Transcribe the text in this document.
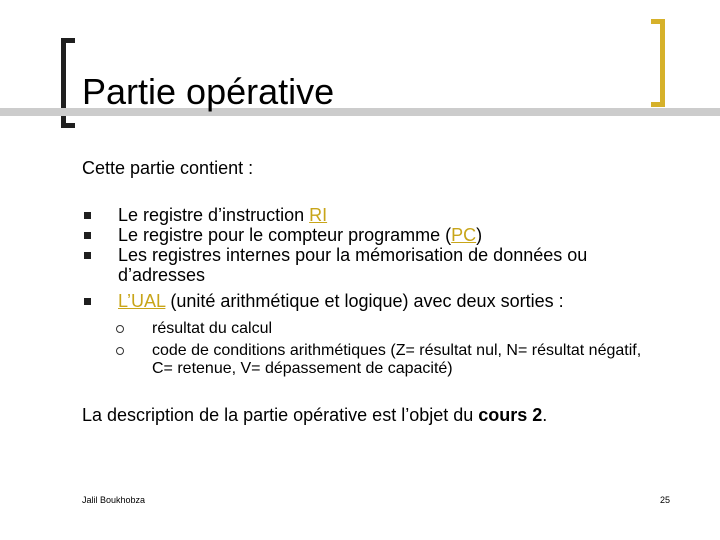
Partie opérative

Cette partie contient :

Le registre d’instruction RI
Le registre pour le compteur programme (PC)
Les registres internes pour la mémorisation de données ou d’adresses
L’UAL (unité arithmétique et logique) avec deux sorties :
résultat du calcul
code de conditions arithmétiques (Z= résultat nul, N= résultat négatif, C= retenue, V= dépassement de capacité)

La description de la partie opérative est l’objet du cours 2.

Jalil Boukhobza	25
